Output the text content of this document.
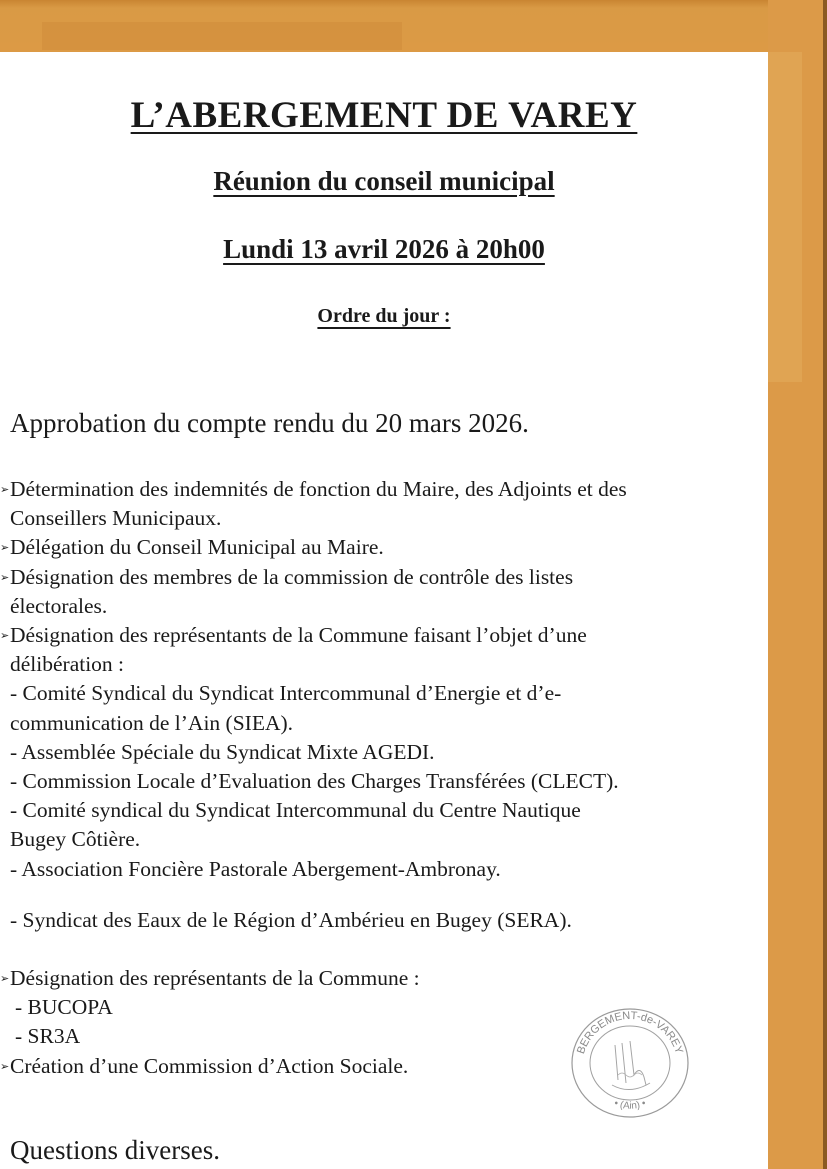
L’ABERGEMENT DE VAREY
Réunion du conseil municipal
Lundi 13 avril 2026 à 20h00
Ordre du jour :
Approbation du compte rendu du 20 mars 2026.
➢ Détermination des indemnités de fonction du Maire, des Adjoints et des
Conseillers Municipaux.
➢ Délégation du Conseil Municipal au Maire.
➢ Désignation des membres de la commission de contrôle des listes
électorales.
➢ Désignation des représentants de la Commune faisant l’objet d’une
délibération :
- Comité Syndical du Syndicat Intercommunal d’Energie et d’e-
communication de l’Ain (SIEA).
- Assemblée Spéciale du Syndicat Mixte AGEDI.
- Commission Locale d’Evaluation des Charges Transférées (CLECT).
- Comité syndical du Syndicat Intercommunal du Centre Nautique
Bugey Côtière.
- Association Foncière Pastorale Abergement-Ambronay.
- Syndicat des Eaux de le Région d’Ambérieu en Bugey (SERA).
➢ Désignation des représentants de la Commune :
- BUCOPA
- SR3A
➢ Création d’une Commission d’Action Sociale.
Questions diverses.
BERGEMENT-de-VAREY
• (Ain) •
